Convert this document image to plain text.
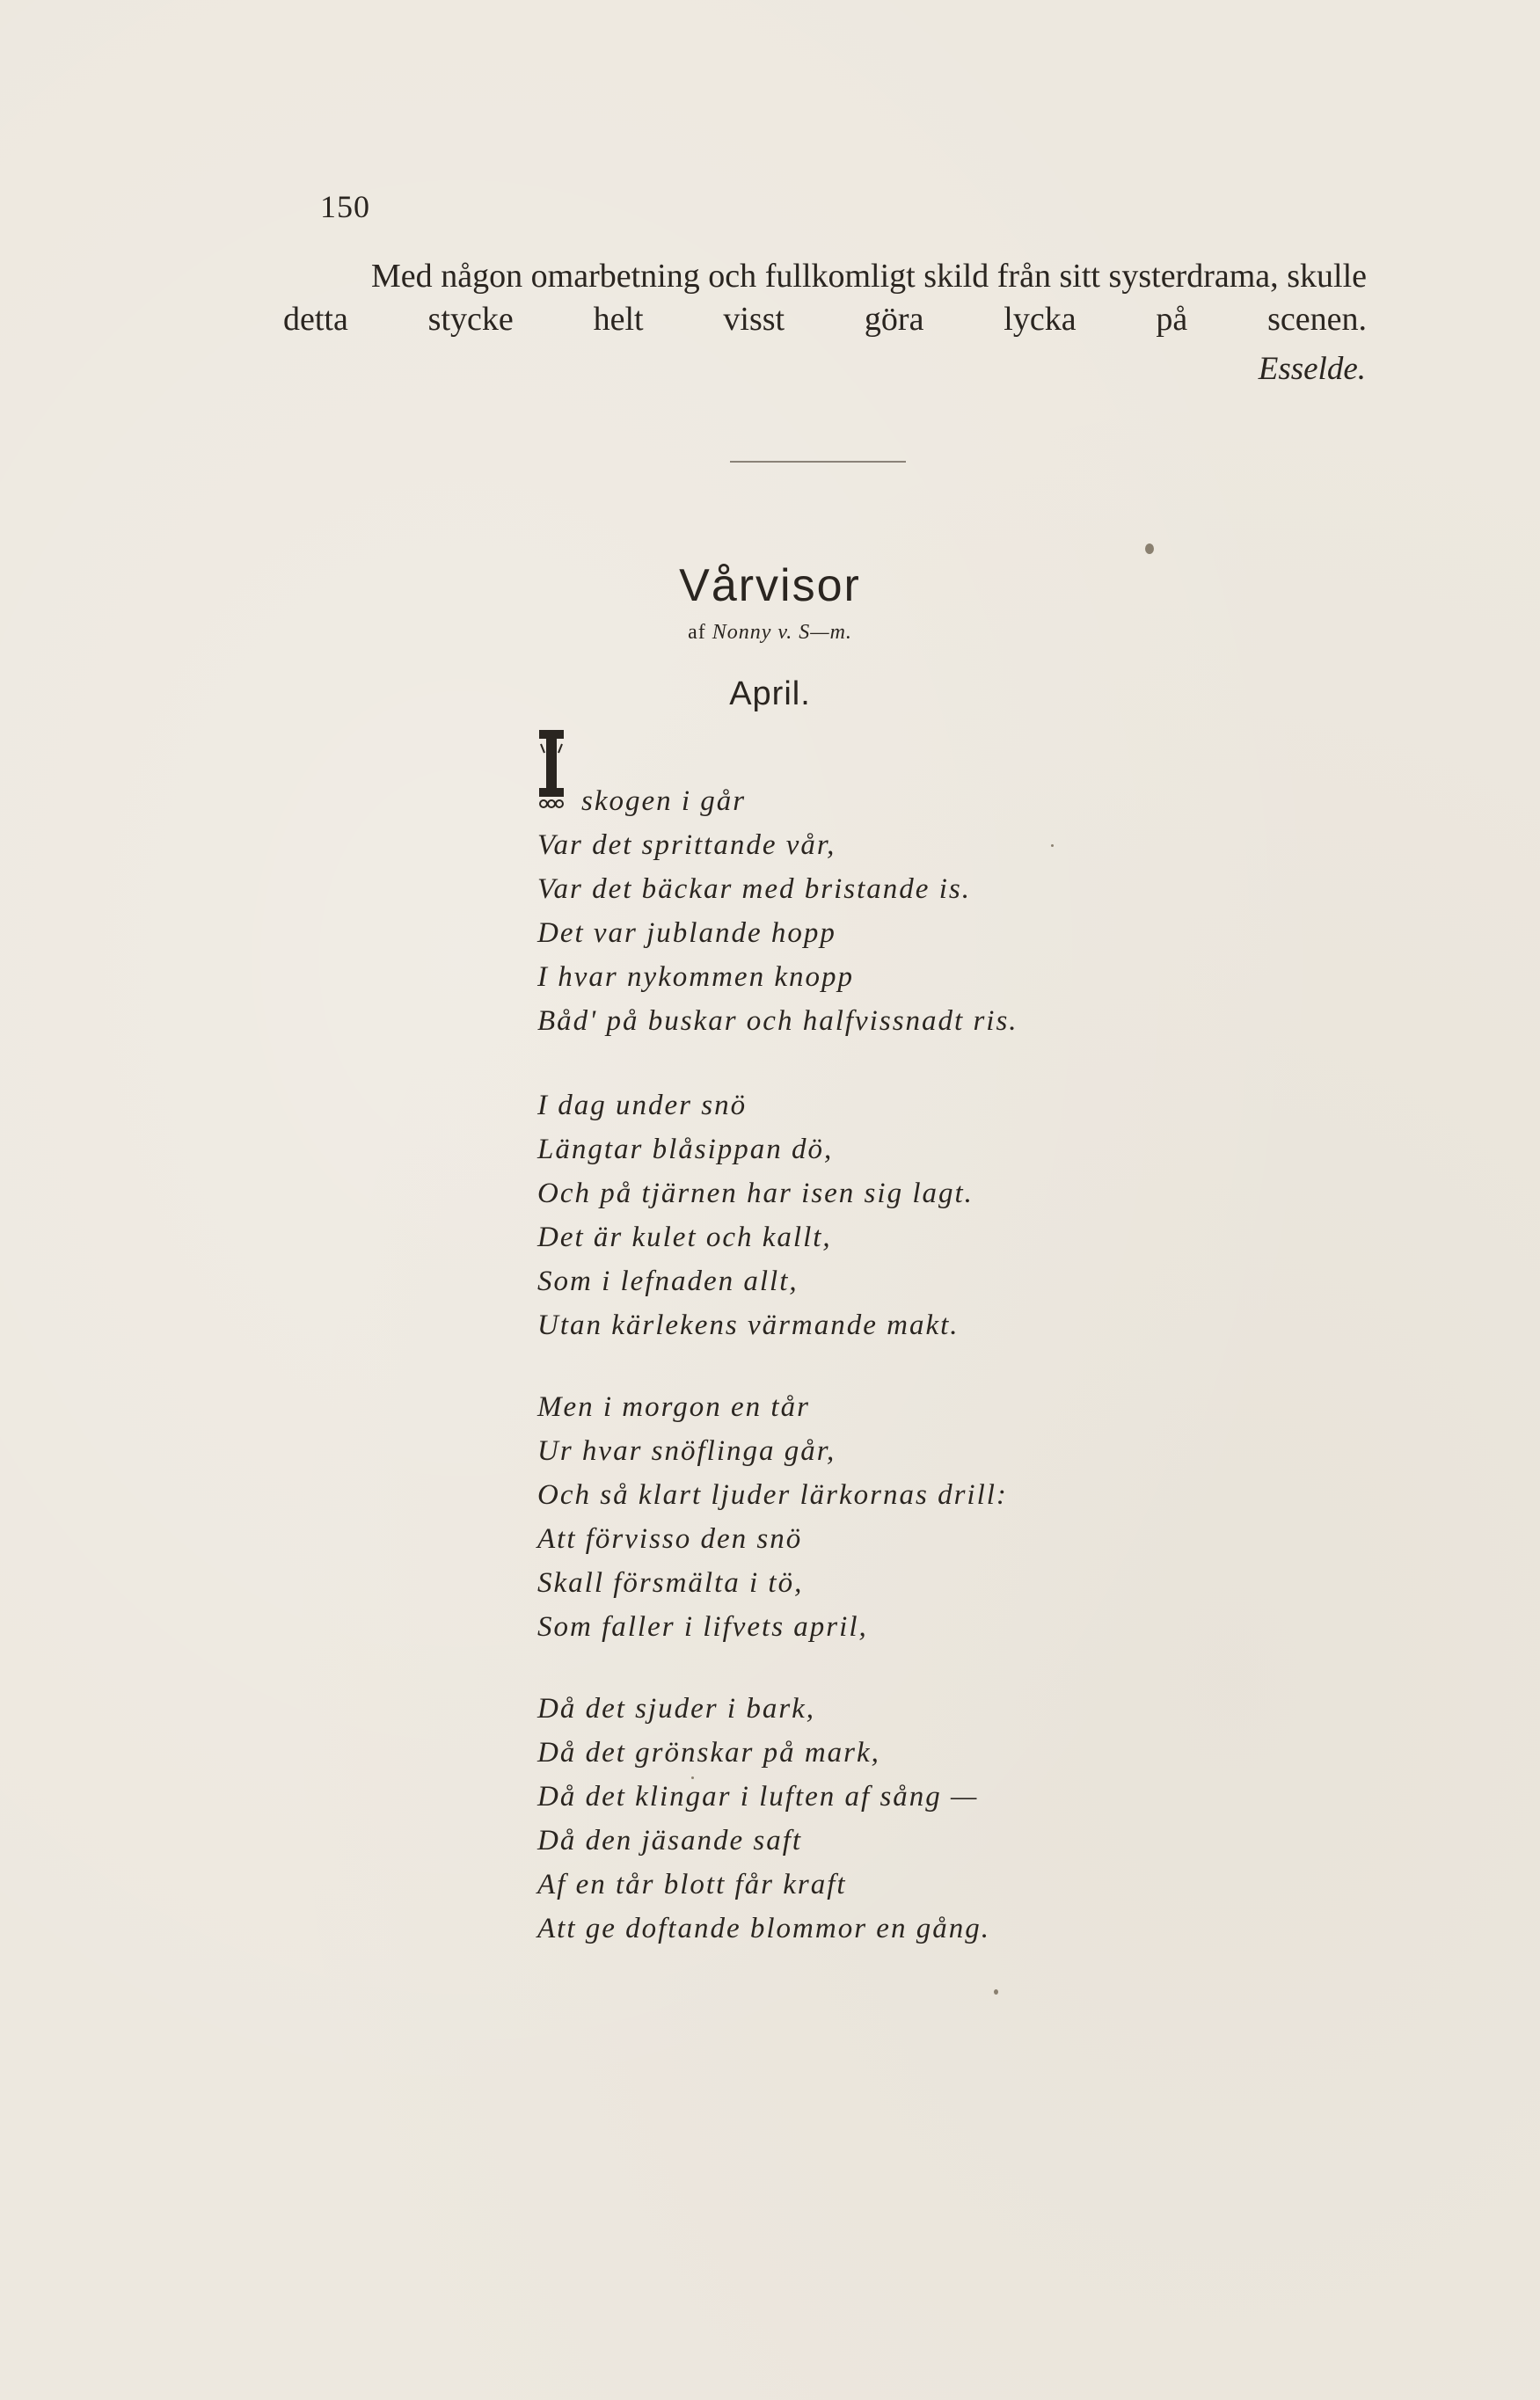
150

Med någon omarbetning och fullkomligt skild från sitt systerdrama, skulle detta stycke helt visst göra lycka på scenen.

Esselde.
Vårvisor
af Nonny v. S—m.
April.
skogen i går
Var det sprittande vår,
Var det bäckar med bristande is.
Det var jublande hopp
I hvar nykommen knopp
Båd' på buskar och halfvissnadt ris.
I dag under snö
Längtar blåsippan dö,
Och på tjärnen har isen sig lagt.
Det är kulet och kallt,
Som i lefnaden allt,
Utan kärlekens värmande makt.
Men i morgon en tår
Ur hvar snöflinga går,
Och så klart ljuder lärkornas drill:
Att förvisso den snö
Skall försmälta i tö,
Som faller i lifvets april,
Då det sjuder i bark,
Då det grönskar på mark,
Då det klingar i luften af sång —
Då den jäsande saft
Af en tår blott får kraft
Att ge doftande blommor en gång.
